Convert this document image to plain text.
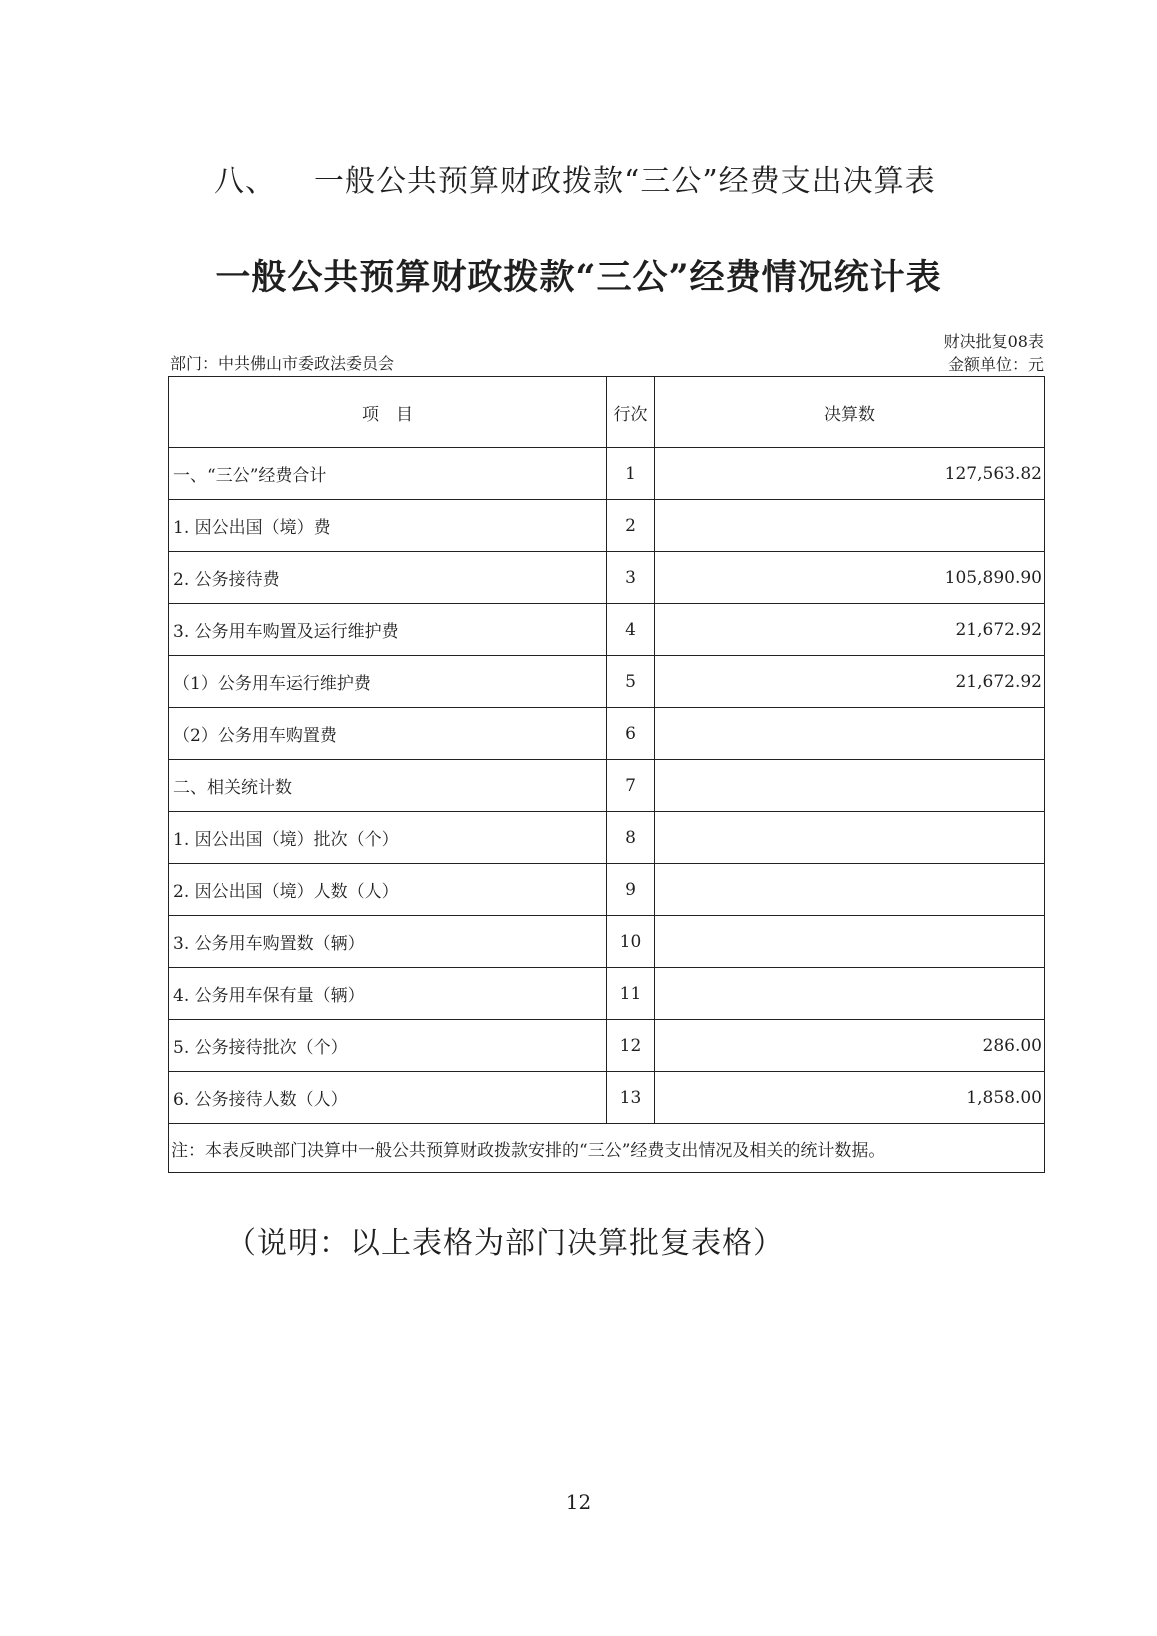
八、 一般公共预算财政拨款“三公”经费支出决算表
一般公共预算财政拨款“三公”经费情况统计表
部门：中共佛山市委政法委员会
财决批复08表
金额单位：元
项　目	行次	决算数
一、“三公”经费合计	1	127,563.82
1. 因公出国（境）费	2	
2. 公务接待费	3	105,890.90
3. 公务用车购置及运行维护费	4	21,672.92
（1）公务用车运行维护费	5	21,672.92
（2）公务用车购置费	6	
二、相关统计数	7	
1. 因公出国（境）批次（个）	8	
2. 因公出国（境）人数（人）	9	
3. 公务用车购置数（辆）	10	
4. 公务用车保有量（辆）	11	
5. 公务接待批次（个）	12	286.00
6. 公务接待人数（人）	13	1,858.00
注：本表反映部门决算中一般公共预算财政拨款安排的“三公”经费支出情况及相关的统计数据。		
（说明：以上表格为部门决算批复表格）
12
